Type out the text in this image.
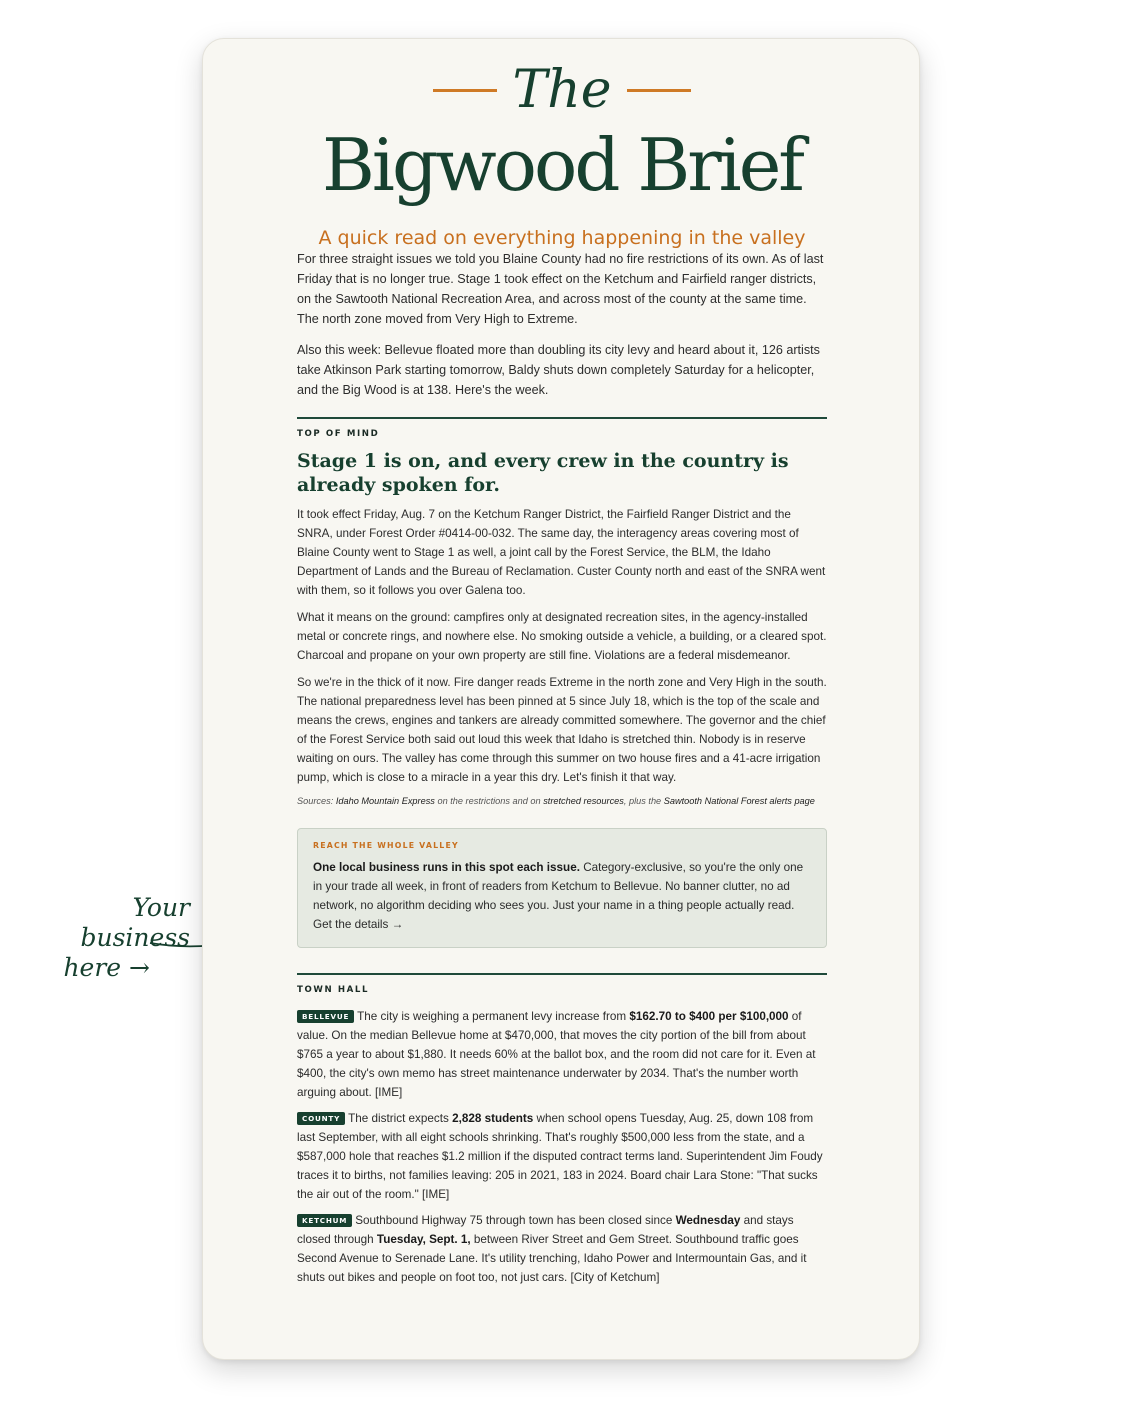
Your business
here →
The
Bigwood Brief
A quick read on everything happening in the valley

For three straight issues we told you Blaine County had no fire restrictions of its own. As of last Friday that is no longer true. Stage 1 took effect on the Ketchum and Fairfield ranger districts, on the Sawtooth National Recreation Area, and across most of the county at the same time. The north zone moved from Very High to Extreme.

Also this week: Bellevue floated more than doubling its city levy and heard about it, 126 artists take Atkinson Park starting tomorrow, Baldy shuts down completely Saturday for a helicopter, and the Big Wood is at 138. Here's the week.

TOP OF MIND
Stage 1 is on, and every crew in the country is already spoken for.

It took effect Friday, Aug. 7 on the Ketchum Ranger District, the Fairfield Ranger District and the SNRA, under Forest Order #0414-00-032. The same day, the interagency areas covering most of Blaine County went to Stage 1 as well, a joint call by the Forest Service, the BLM, the Idaho Department of Lands and the Bureau of Reclamation. Custer County north and east of the SNRA went with them, so it follows you over Galena too.

What it means on the ground: campfires only at designated recreation sites, in the agency-installed metal or concrete rings, and nowhere else. No smoking outside a vehicle, a building, or a cleared spot. Charcoal and propane on your own property are still fine. Violations are a federal misdemeanor.

So we're in the thick of it now. Fire danger reads Extreme in the north zone and Very High in the south. The national preparedness level has been pinned at 5 since July 18, which is the top of the scale and means the crews, engines and tankers are already committed somewhere. The governor and the chief of the Forest Service both said out loud this week that Idaho is stretched thin. Nobody is in reserve waiting on ours. The valley has come through this summer on two house fires and a 41-acre irrigation pump, which is close to a miracle in a year this dry. Let's finish it that way.

Sources: Idaho Mountain Express on the restrictions and on stretched resources, plus the Sawtooth National Forest alerts page
REACH THE WHOLE VALLEY
One local business runs in this spot each issue. Category-exclusive, so you're the only one in your trade all week, in front of readers from Ketchum to Bellevue. No banner clutter, no ad network, no algorithm deciding who sees you. Just your name in a thing people actually read. Get the details →
TOWN HALL

BELLEVUE The city is weighing a permanent levy increase from $162.70 to $400 per $100,000 of value. On the median Bellevue home at $470,000, that moves the city portion of the bill from about $765 a year to about $1,880. It needs 60% at the ballot box, and the room did not care for it. Even at $400, the city's own memo has street maintenance underwater by 2034. That's the number worth arguing about. [IME]

COUNTY The district expects 2,828 students when school opens Tuesday, Aug. 25, down 108 from last September, with all eight schools shrinking. That's roughly $500,000 less from the state, and a $587,000 hole that reaches $1.2 million if the disputed contract terms land. Superintendent Jim Foudy traces it to births, not families leaving: 205 in 2021, 183 in 2024. Board chair Lara Stone: "That sucks the air out of the room." [IME]

KETCHUM Southbound Highway 75 through town has been closed since Wednesday and stays closed through Tuesday, Sept. 1, between River Street and Gem Street. Southbound traffic goes Second Avenue to Serenade Lane. It's utility trenching, Idaho Power and Intermountain Gas, and it shuts out bikes and people on foot too, not just cars. [City of Ketchum]
